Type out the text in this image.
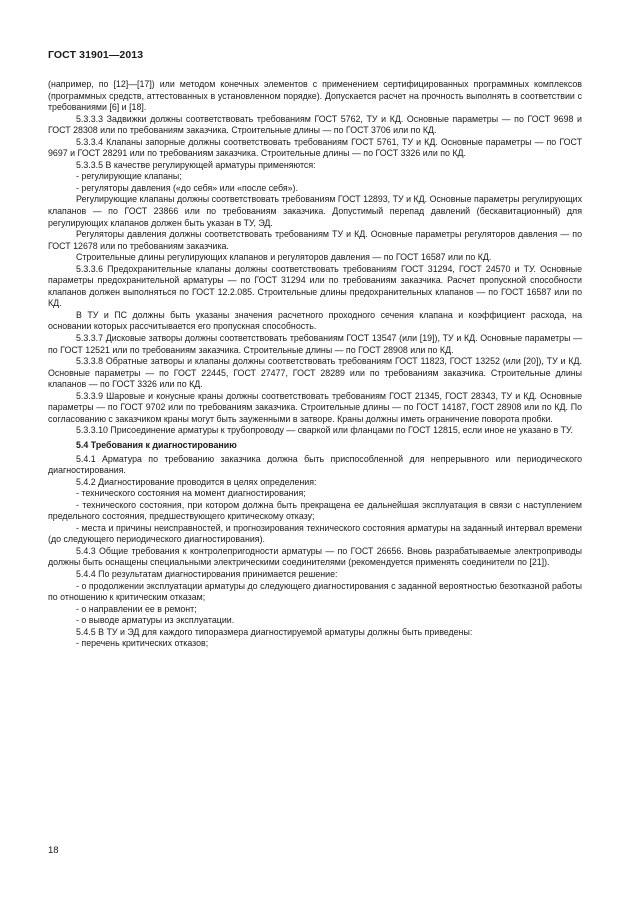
ГОСТ 31901—2013

(например, по [12]—[17]) или методом конечных элементов с применением сертифицированных программных комплексов (программных средств, аттестованных в установленном порядке). Допускается расчет на прочность выполнять в соответствии с требованиями [6] и [18].

5.3.3.3 Задвижки должны соответствовать требованиям ГОСТ 5762, ТУ и КД. Основные параметры — по ГОСТ 9698 и ГОСТ 28308 или по требованиям заказчика. Строительные длины — по ГОСТ 3706 или по КД.

5.3.3.4 Клапаны запорные должны соответствовать требованиям ГОСТ 5761, ТУ и КД. Основные параметры — по ГОСТ 9697 и ГОСТ 28291 или по требованиям заказчика. Строительные длины — по ГОСТ 3326 или по КД.

5.3.3.5 В качестве регулирующей арматуры применяются:

- регулирующие клапаны;

- регуляторы давления («до себя» или «после себя»).

Регулирующие клапаны должны соответствовать требованиям ГОСТ 12893, ТУ и КД. Основные параметры регулирующих клапанов — по ГОСТ 23866 или по требованиям заказчика. Допустимый перепад давлений (бескавитационный) для регулирующих клапанов должен быть указан в ТУ, ЭД.

Регуляторы давления должны соответствовать требованиям ТУ и КД. Основные параметры регуляторов давления — по ГОСТ 12678 или по требованиям заказчика.

Строительные длины регулирующих клапанов и регуляторов давления — по ГОСТ 16587 или по КД.

5.3.3.6 Предохранительные клапаны должны соответствовать требованиям ГОСТ 31294, ГОСТ 24570 и ТУ. Основные параметры предохранительной арматуры — по ГОСТ 31294 или по требованиям заказчика. Расчет пропускной способности клапанов должен выполняться по ГОСТ 12.2.085. Строительные длины предохранительных клапанов — по ГОСТ 16587 или по КД.

В ТУ и ПС должны быть указаны значения расчетного проходного сечения клапана и коэффициент расхода, на основании которых рассчитывается его пропускная способность.

5.3.3.7 Дисковые затворы должны соответствовать требованиям ГОСТ 13547 (или [19]), ТУ и КД. Основные параметры — по ГОСТ 12521 или по требованиям заказчика. Строительные длины — по ГОСТ 28908 или по КД.

5.3.3.8 Обратные затворы и клапаны должны соответствовать требованиям ГОСТ 11823, ГОСТ 13252 (или [20]), ТУ и КД. Основные параметры — по ГОСТ 22445, ГОСТ 27477, ГОСТ 28289 или по требованиям заказчика. Строительные длины клапанов — по ГОСТ 3326 или по КД.

5.3.3.9 Шаровые и конусные краны должны соответствовать требованиям ГОСТ 21345, ГОСТ 28343, ТУ и КД. Основные параметры — по ГОСТ 9702 или по требованиям заказчика. Строительные длины — по ГОСТ 14187, ГОСТ 28908 или по КД. По согласованию с заказчиком краны могут быть зауженными в затворе. Краны должны иметь ограничение поворота пробки.

5.3.3.10 Присоединение арматуры к трубопроводу — сваркой или фланцами по ГОСТ 12815, если иное не указано в ТУ.

5.4 Требования к диагностированию

5.4.1 Арматура по требованию заказчика должна быть приспособленной для непрерывного или периодического диагностирования.

5.4.2 Диагностирование проводится в целях определения:

- технического состояния на момент диагностирования;

- технического состояния, при котором должна быть прекращена ее дальнейшая эксплуатация в связи с наступлением предельного состояния, предшествующего критическому отказу;

- места и причины неисправностей, и прогнозирования технического состояния арматуры на заданный интервал времени (до следующего периодического диагностирования).

5.4.3 Общие требования к контролепригодности арматуры — по ГОСТ 26656. Вновь разрабатываемые электроприводы должны быть оснащены специальными электрическими соединителями (рекомендуется применять соединители по [21]).

5.4.4 По результатам диагностирования принимается решение:

- о продолжении эксплуатации арматуры до следующего диагностирования с заданной вероятностью безотказной работы по отношению к критическим отказам;

- о направлении ее в ремонт;

- о выводе арматуры из эксплуатации.

5.4.5 В ТУ и ЭД для каждого типоразмера диагностируемой арматуры должны быть приведены:

- перечень критических отказов;

18
